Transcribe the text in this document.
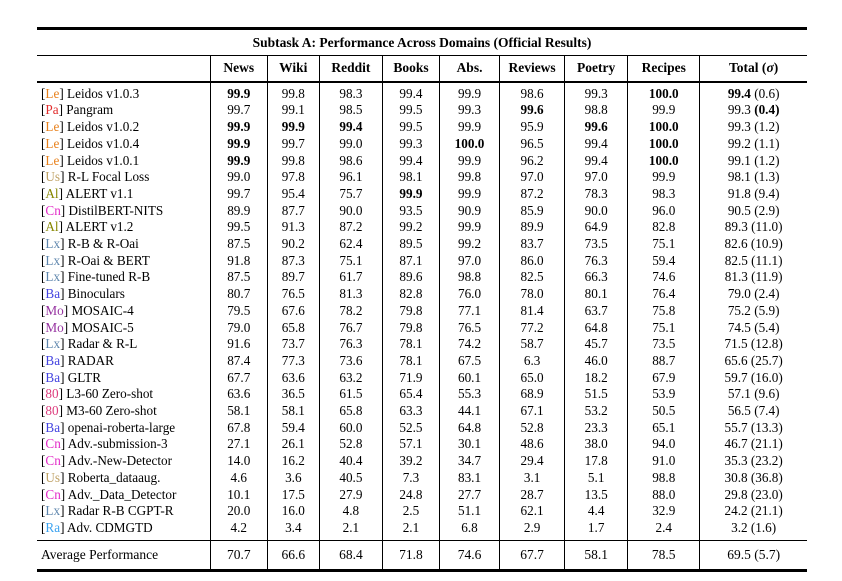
Subtask A: Performance Across Domains (Official Results)
	News	Wiki	Reddit	Books	Abs.	Reviews	Poetry	Recipes	Total (σ)
[Le] Leidos v1.0.3	99.9	99.8	98.3	99.4	99.9	98.6	99.3	100.0	99.4 (0.6)
[Pa] Pangram	99.7	99.1	98.5	99.5	99.3	99.6	98.8	99.9	99.3 (0.4)
[Le] Leidos v1.0.2	99.9	99.9	99.4	99.5	99.9	95.9	99.6	100.0	99.3 (1.2)
[Le] Leidos v1.0.4	99.9	99.7	99.0	99.3	100.0	96.5	99.4	100.0	99.2 (1.1)
[Le] Leidos v1.0.1	99.9	99.8	98.6	99.4	99.9	96.2	99.4	100.0	99.1 (1.2)
[Us] R-L Focal Loss	99.0	97.8	96.1	98.1	99.8	97.0	97.0	99.9	98.1 (1.3)
[Al] ALERT v1.1	99.7	95.4	75.7	99.9	99.9	87.2	78.3	98.3	91.8 (9.4)
[Cn] DistilBERT-NITS	89.9	87.7	90.0	93.5	90.9	85.9	90.0	96.0	90.5 (2.9)
[Al] ALERT v1.2	99.5	91.3	87.2	99.2	99.9	89.9	64.9	82.8	89.3 (11.0)
[Lx] R-B & R-Oai	87.5	90.2	62.4	89.5	99.2	83.7	73.5	75.1	82.6 (10.9)
[Lx] R-Oai & BERT	91.8	87.3	75.1	87.1	97.0	86.0	76.3	59.4	82.5 (11.1)
[Lx] Fine-tuned R-B	87.5	89.7	61.7	89.6	98.8	82.5	66.3	74.6	81.3 (11.9)
[Ba] Binoculars	80.7	76.5	81.3	82.8	76.0	78.0	80.1	76.4	79.0 (2.4)
[Mo] MOSAIC-4	79.5	67.6	78.2	79.8	77.1	81.4	63.7	75.8	75.2 (5.9)
[Mo] MOSAIC-5	79.0	65.8	76.7	79.8	76.5	77.2	64.8	75.1	74.5 (5.4)
[Lx] Radar & R-L	91.6	73.7	76.3	78.1	74.2	58.7	45.7	73.5	71.5 (12.8)
[Ba] RADAR	87.4	77.3	73.6	78.1	67.5	6.3	46.0	88.7	65.6 (25.7)
[Ba] GLTR	67.7	63.6	63.2	71.9	60.1	65.0	18.2	67.9	59.7 (16.0)
[80] L3-60 Zero-shot	63.6	36.5	61.5	65.4	55.3	68.9	51.5	53.9	57.1 (9.6)
[80] M3-60 Zero-shot	58.1	58.1	65.8	63.3	44.1	67.1	53.2	50.5	56.5 (7.4)
[Ba] openai-roberta-large	67.8	59.4	60.0	52.5	64.8	52.8	23.3	65.1	55.7 (13.3)
[Cn] Adv.-submission-3	27.1	26.1	52.8	57.1	30.1	48.6	38.0	94.0	46.7 (21.1)
[Cn] Adv.-New-Detector	14.0	16.2	40.4	39.2	34.7	29.4	17.8	91.0	35.3 (23.2)
[Us] Roberta_dataaug.	4.6	3.6	40.5	7.3	83.1	3.1	5.1	98.8	30.8 (36.8)
[Cn] Adv._Data_Detector	10.1	17.5	27.9	24.8	27.7	28.7	13.5	88.0	29.8 (23.0)
[Lx] Radar R-B CGPT-R	20.0	16.0	4.8	2.5	51.1	62.1	4.4	32.9	24.2 (21.1)
[Ra] Adv. CDMGTD	4.2	3.4	2.1	2.1	6.8	2.9	1.7	2.4	3.2 (1.6)
Average Performance	70.7	66.6	68.4	71.8	74.6	67.7	58.1	78.5	69.5 (5.7)
